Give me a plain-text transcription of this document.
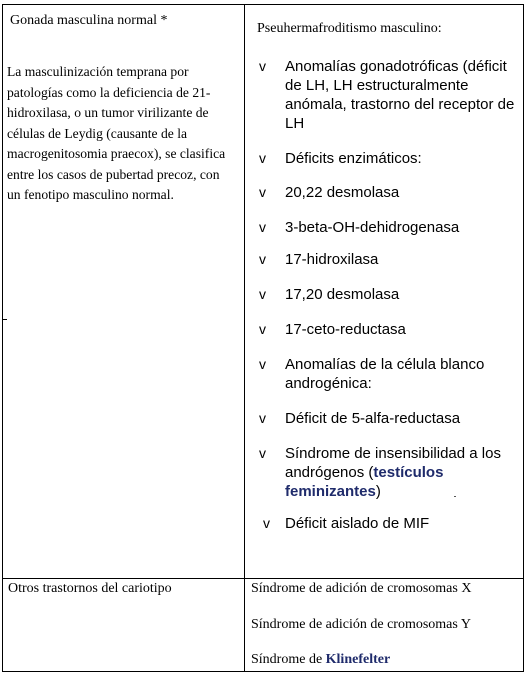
Gonada masculina normal *
La masculinización temprana por patologías como la deficiencia de 21-hidroxilasa, o un tumor virilizante de células de Leydig (causante de la macrogenitosomia praecox), se clasifica entre los casos de pubertad precoz, con un fenotipo masculino normal.
Pseuhermafroditismo masculino:
v Anomalías gonadotróficas (déficit de LH, LH estructuralmente anómala, trastorno del receptor de LH
v Déficits enzimáticos:
v 20,22 desmolasa
v 3-beta-OH-dehidrogenasa
v 17-hidroxilasa
v 17,20 desmolasa
v 17-ceto-reductasa
v Anomalías de la célula blanco androgénica:
v Déficit de 5-alfa-reductasa
v Síndrome de insensibilidad a los andrógenos (testículos feminizantes)
v Déficit aislado de MIF
Otros trastornos del cariotipo	Síndrome de adición de cromosomas X
Síndrome de adición de cromosomas Y
Síndrome de Klinefelter
